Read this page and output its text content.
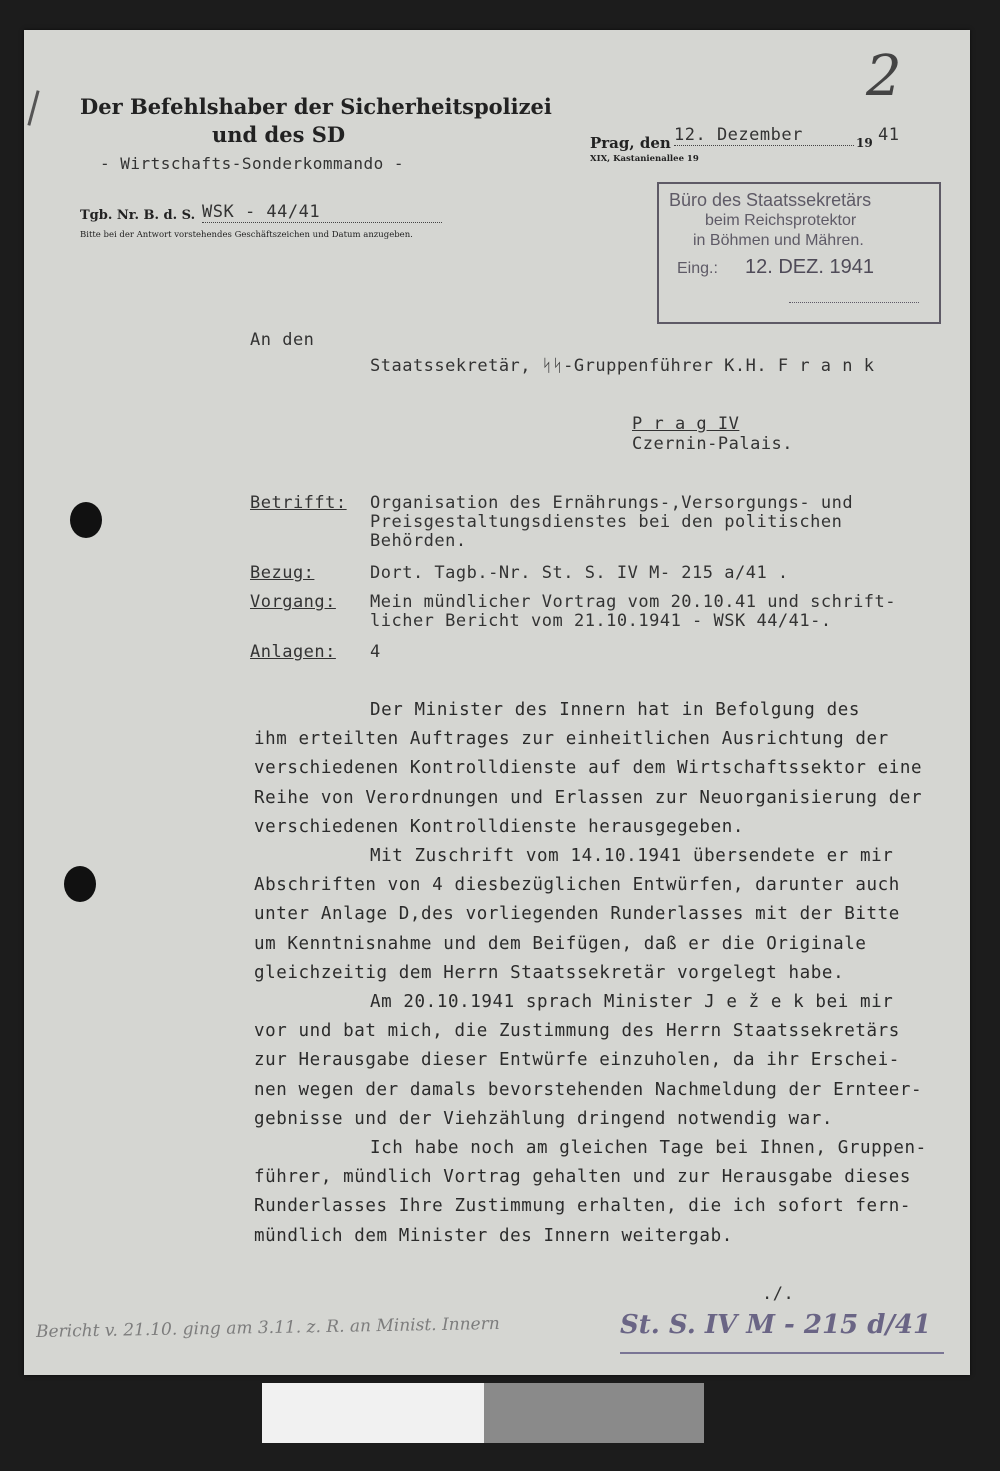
2
Der Befehlshaber der Sicherheitspolizei
und des SD
- Wirtschafts-Sonderkommando -
Tgb. Nr. B. d. S. WSK - 44/41
Bitte bei der Antwort vorstehendes Geschäftszeichen und Datum anzugeben.
Prag, den 12. Dezember	19 41
XIX, Kastanienallee 19
Büro des Staatssekretärs
beim Reichsprotektor
in Böhmen und Mähren.
Eing.: 12. DEZ. 1941
An den
Staatssekretär, ᛋᛋ-Gruppenführer K.H. F r a n k
P r a g IV
Czernin-Palais.
Betrifft: Organisation des Ernährungs-,Versorgungs- und
Preisgestaltungsdienstes bei den politischen
Behörden.
Bezug:	Dort. Tagb.-Nr. St. S. IV M- 215 a/41 .
Vorgang: Mein mündlicher Vortrag vom 20.10.41 und schrift-
licher Bericht vom 21.10.1941 - WSK 44/41-.
Anlagen: 4
Der Minister des Innern hat in Befolgung des
ihm erteilten Auftrages zur einheitlichen Ausrichtung der
verschiedenen Kontrolldienste auf dem Wirtschaftssektor eine
Reihe von Verordnungen und Erlassen zur Neuorganisierung der
verschiedenen Kontrolldienste herausgegeben.
Mit Zuschrift vom 14.10.1941 übersendete er mir
Abschriften von 4 diesbezüglichen Entwürfen, darunter auch
unter Anlage D,des vorliegenden Runderlasses mit der Bitte
um Kenntnisnahme und dem Beifügen, daß er die Originale
gleichzeitig dem Herrn Staatssekretär vorgelegt habe.
Am 20.10.1941 sprach Minister J e ž e k bei mir
vor und bat mich, die Zustimmung des Herrn Staatssekretärs
zur Herausgabe dieser Entwürfe einzuholen, da ihr Erschei-
nen wegen der damals bevorstehenden Nachmeldung der Ernteer-
gebnisse und der Viehzählung dringend notwendig war.
Ich habe noch am gleichen Tage bei Ihnen, Gruppen-
führer, mündlich Vortrag gehalten und zur Herausgabe dieses
Runderlasses Ihre Zustimmung erhalten, die ich sofort fern-
mündlich dem Minister des Innern weitergab.
./.
Bericht v. 21.10. ging am 3.11. z. R. an Minist. Innern	St. S. IV M - 215 d/41
